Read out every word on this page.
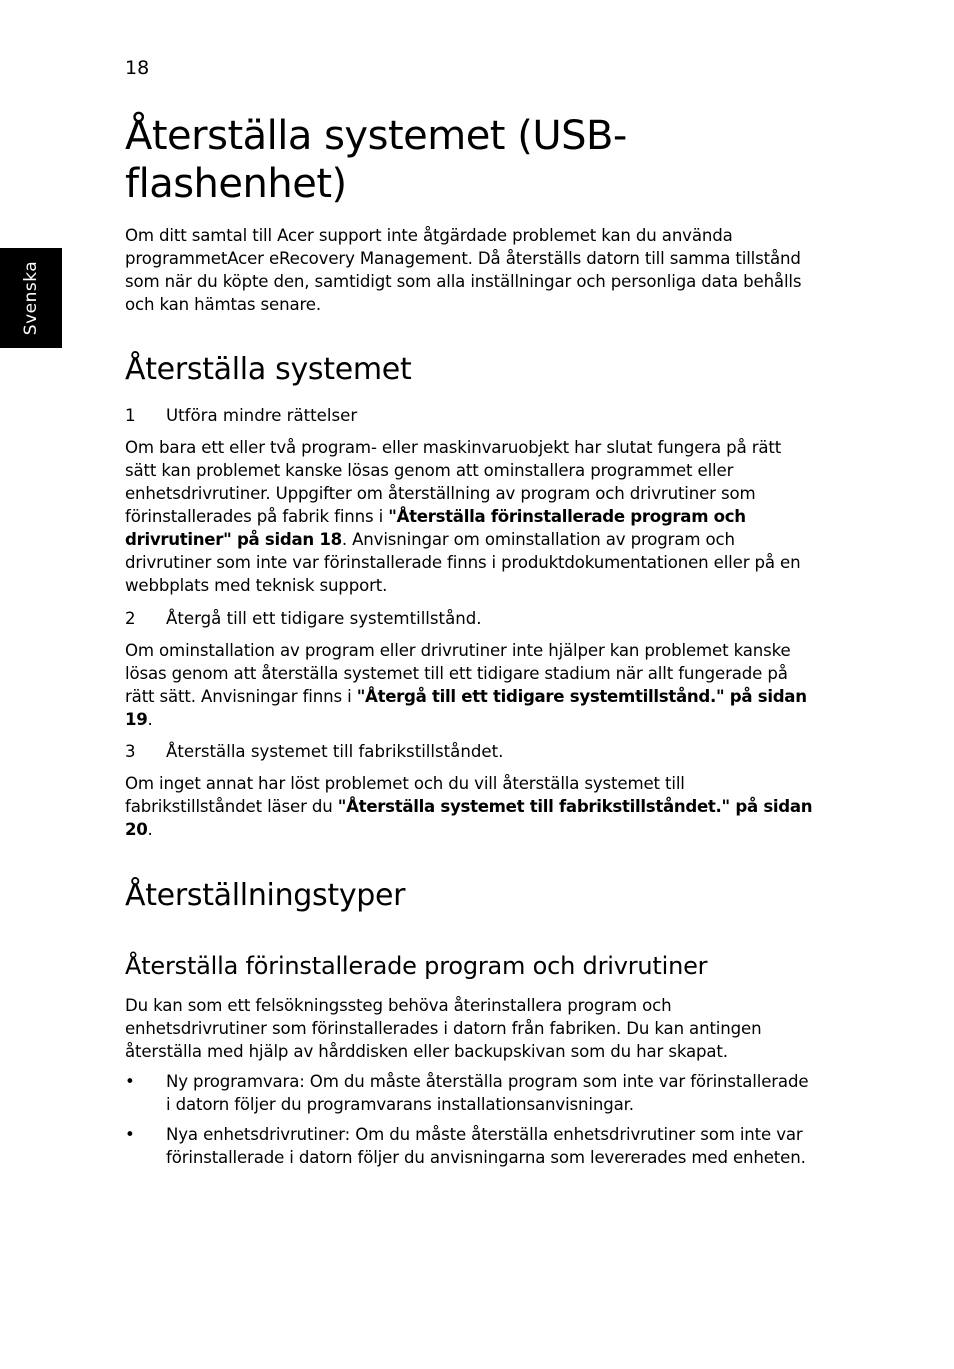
18
Svenska
Återställa systemet (USB-flashenhet)

Om ditt samtal till Acer support inte åtgärdade problemet kan du använda programmetAcer eRecovery Management. Då återställs datorn till samma tillstånd som när du köpte den, samtidigt som alla inställningar och personliga data behålls och kan hämtas senare.

Återställa systemet
1 Utföra mindre rättelser

Om bara ett eller två program- eller maskinvaruobjekt har slutat fungera på rätt sätt kan problemet kanske lösas genom att ominstallera programmet eller enhetsdrivrutiner. Uppgifter om återställning av program och drivrutiner som förinstallerades på fabrik finns i "Återställa förinstallerade program och drivrutiner" på sidan 18. Anvisningar om ominstallation av program och drivrutiner som inte var förinstallerade finns i produktdokumentationen eller på en webbplats med teknisk support.

2 Återgå till ett tidigare systemtillstånd.

Om ominstallation av program eller drivrutiner inte hjälper kan problemet kanske lösas genom att återställa systemet till ett tidigare stadium när allt fungerade på rätt sätt. Anvisningar finns i "Återgå till ett tidigare systemtillstånd." på sidan 19.

3 Återställa systemet till fabrikstillståndet.

Om inget annat har löst problemet och du vill återställa systemet till fabrikstillståndet läser du "Återställa systemet till fabrikstillståndet." på sidan 20.

Återställningstyper
Återställa förinstallerade program och drivrutiner

Du kan som ett felsökningssteg behöva återinstallera program och enhetsdrivrutiner som förinstallerades i datorn från fabriken. Du kan antingen återställa med hjälp av hårddisken eller backupskivan som du har skapat.

• Ny programvara: Om du måste återställa program som inte var förinstallerade i datorn följer du programvarans installationsanvisningar.
• Nya enhetsdrivrutiner: Om du måste återställa enhetsdrivrutiner som inte var förinstallerade i datorn följer du anvisningarna som levererades med enheten.
